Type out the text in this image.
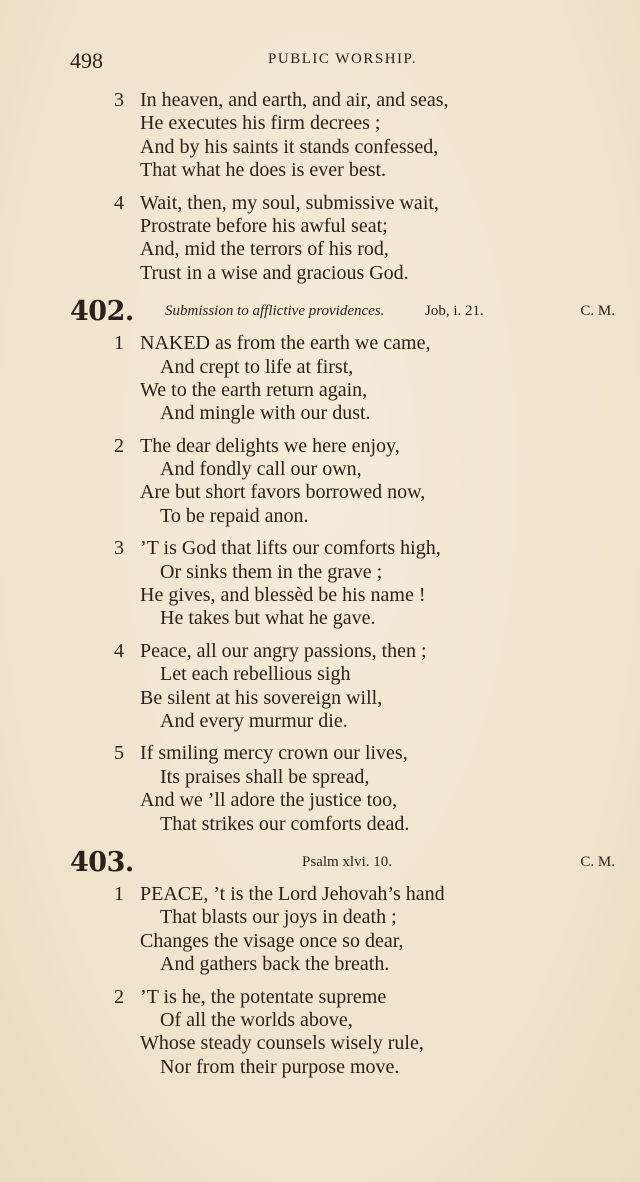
498	PUBLIC WORSHIP.
3 In heaven, and earth, and air, and seas,
He executes his firm decrees ;
And by his saints it stands confessed,
That what he does is ever best.
4 Wait, then, my soul, submissive wait,
Prostrate before his awful seat;
And, mid the terrors of his rod,
Trust in a wise and gracious God.
402. Submission to afflictive providences.	Job, i. 21.	C. M.
1 NAKED as from the earth we came,
And crept to life at first,
We to the earth return again,
And mingle with our dust.
2 The dear delights we here enjoy,
And fondly call our own,
Are but short favors borrowed now,
To be repaid anon.
3 ’T is God that lifts our comforts high,
Or sinks them in the grave ;
He gives, and blessèd be his name !
He takes but what he gave.
4 Peace, all our angry passions, then ;
Let each rebellious sigh
Be silent at his sovereign will,
And every murmur die.
5 If smiling mercy crown our lives,
Its praises shall be spread,
And we ’ll adore the justice too,
That strikes our comforts dead.
403.	Psalm xlvi. 10.	C. M.
1 PEACE, ’t is the Lord Jehovah’s hand
That blasts our joys in death ;
Changes the visage once so dear,
And gathers back the breath.
2 ’T is he, the potentate supreme
Of all the worlds above,
Whose steady counsels wisely rule,
Nor from their purpose move.
